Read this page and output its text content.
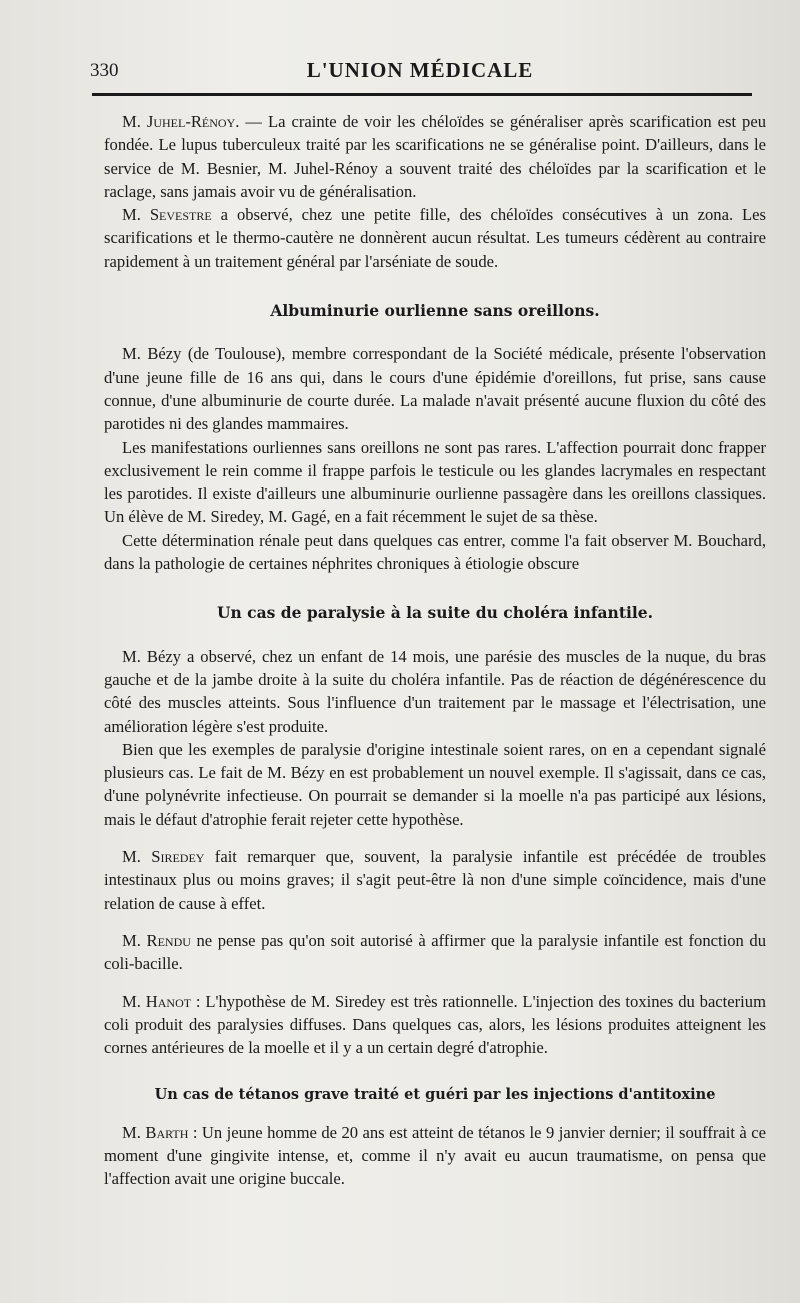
330	L'UNION MÉDICALE

M. Juhel-Rénoy. — La crainte de voir les chéloïdes se généraliser après scarification est peu fondée. Le lupus tuberculeux traité par les scarifications ne se généralise point. D'ailleurs, dans le service de M. Besnier, M. Juhel-Rénoy a souvent traité des chéloïdes par la scarification et le raclage, sans jamais avoir vu de généralisation.

M. Sevestre a observé, chez une petite fille, des chéloïdes consécutives à un zona. Les scarifications et le thermo-cautère ne donnèrent aucun résultat. Les tumeurs cédèrent au contraire rapidement à un traitement général par l'arséniate de soude.

Albuminurie ourlienne sans oreillons.

M. Bézy (de Toulouse), membre correspondant de la Société médicale, présente l'observation d'une jeune fille de 16 ans qui, dans le cours d'une épidémie d'oreillons, fut prise, sans cause connue, d'une albuminurie de courte durée. La malade n'avait présenté aucune fluxion du côté des parotides ni des glandes mammaires.

Les manifestations ourliennes sans oreillons ne sont pas rares. L'affection pourrait donc frapper exclusivement le rein comme il frappe parfois le testicule ou les glandes lacrymales en respectant les parotides. Il existe d'ailleurs une albuminurie ourlienne passagère dans les oreillons classiques. Un élève de M. Siredey, M. Gagé, en a fait récemment le sujet de sa thèse.

Cette détermination rénale peut dans quelques cas entrer, comme l'a fait observer M. Bouchard, dans la pathologie de certaines néphrites chroniques à étiologie obscure

Un cas de paralysie à la suite du choléra infantile.

M. Bézy a observé, chez un enfant de 14 mois, une parésie des muscles de la nuque, du bras gauche et de la jambe droite à la suite du choléra infantile. Pas de réaction de dégénérescence du côté des muscles atteints. Sous l'influence d'un traitement par le massage et l'électrisation, une amélioration légère s'est produite.

Bien que les exemples de paralysie d'origine intestinale soient rares, on en a cependant signalé plusieurs cas. Le fait de M. Bézy en est probablement un nouvel exemple. Il s'agissait, dans ce cas, d'une polynévrite infectieuse. On pourrait se demander si la moelle n'a pas participé aux lésions, mais le défaut d'atrophie ferait rejeter cette hypothèse.

M. Siredey fait remarquer que, souvent, la paralysie infantile est précédée de troubles intestinaux plus ou moins graves; il s'agit peut-être là non d'une simple coïncidence, mais d'une relation de cause à effet.

M. Rendu ne pense pas qu'on soit autorisé à affirmer que la paralysie infantile est fonction du coli-bacille.

M. Hanot : L'hypothèse de M. Siredey est très rationnelle. L'injection des toxines du bacterium coli produit des paralysies diffuses. Dans quelques cas, alors, les lésions produites atteignent les cornes antérieures de la moelle et il y a un certain degré d'atrophie.

Un cas de tétanos grave traité et guéri par les injections d'antitoxine

M. Barth : Un jeune homme de 20 ans est atteint de tétanos le 9 janvier dernier; il souffrait à ce moment d'une gingivite intense, et, comme il n'y avait eu aucun traumatisme, on pensa que l'affection avait une origine buccale.
